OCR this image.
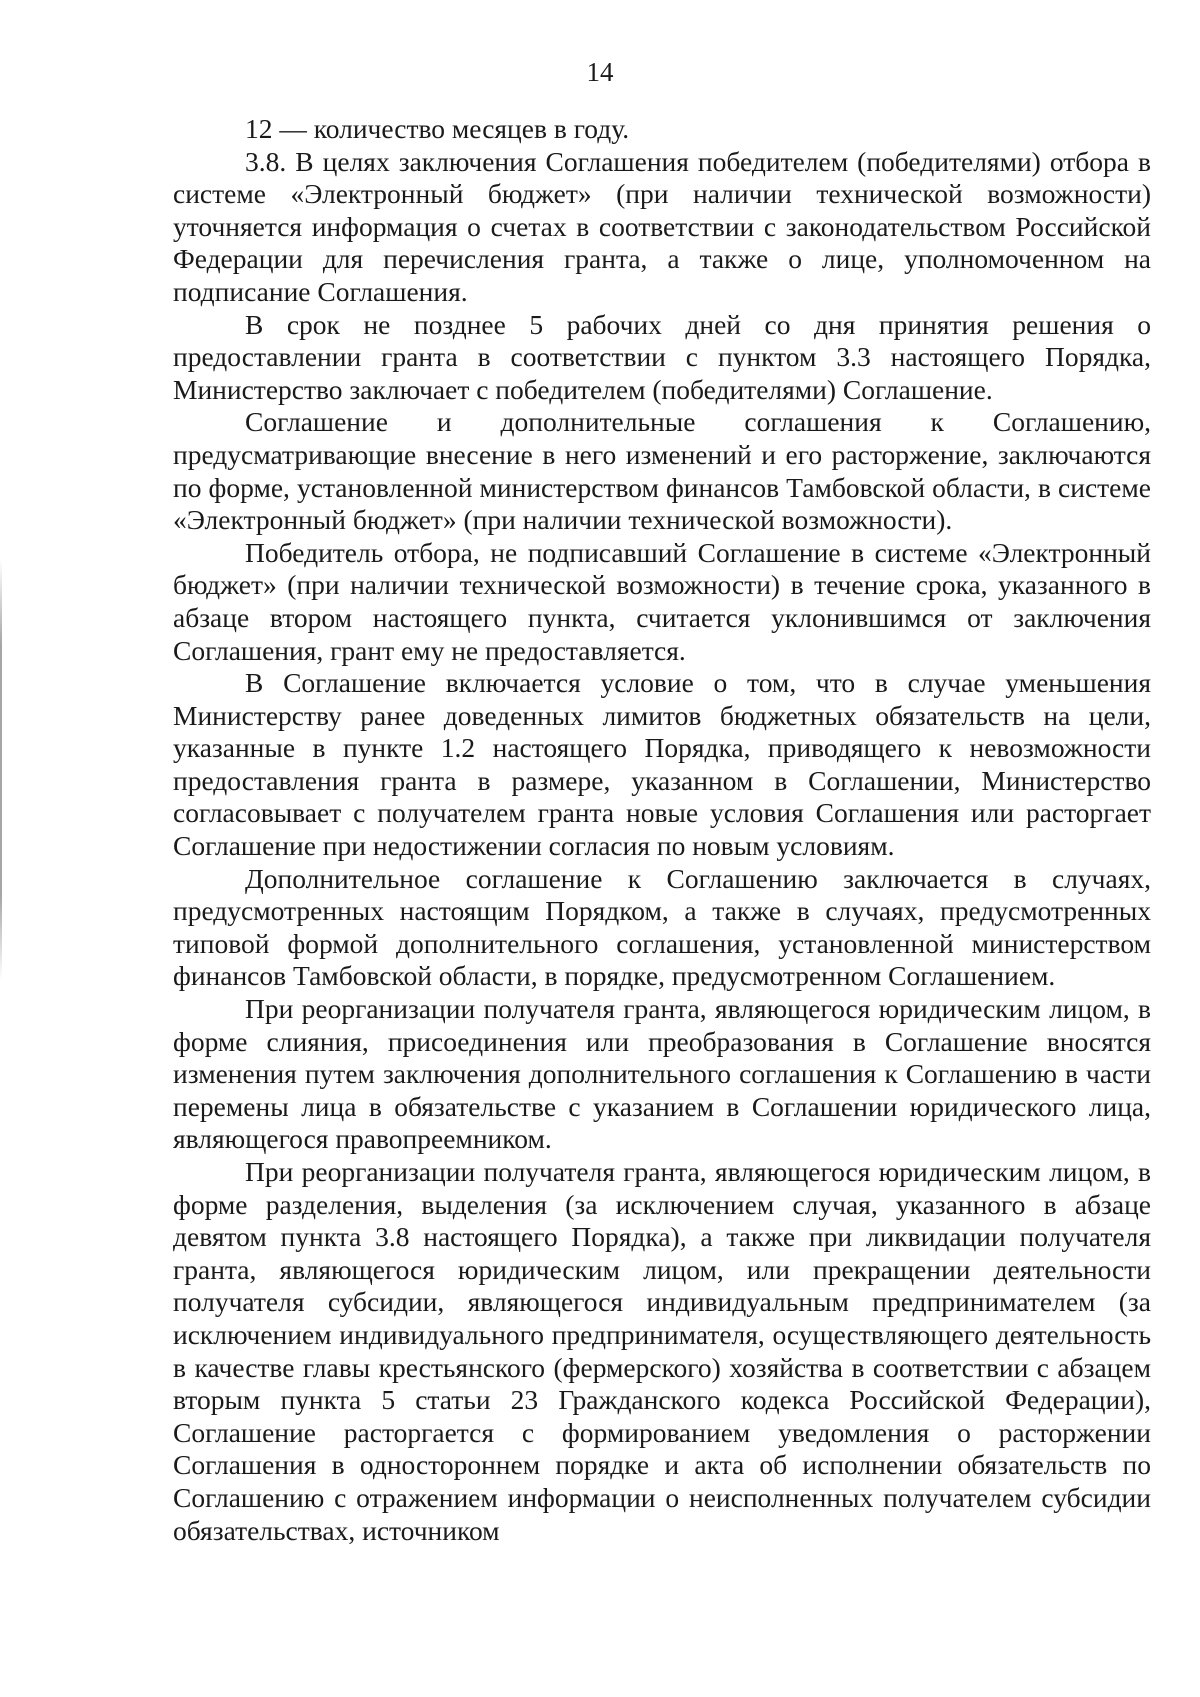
14

12 — количество месяцев в году.

3.8. В целях заключения Соглашения победителем (победителями) отбора в системе «Электронный бюджет» (при наличии технической возможности) уточняется информация о счетах в соответствии с законодательством Российской Федерации для перечисления гранта, а также о лице, уполномоченном на подписание Соглашения.

В срок не позднее 5 рабочих дней со дня принятия решения о предоставлении гранта в соответствии с пунктом 3.3 настоящего Порядка, Министерство заключает с победителем (победителями) Соглашение.

Соглашение и дополнительные соглашения к Соглашению, предусматривающие внесение в него изменений и его расторжение, заключаются по форме, установленной министерством финансов Тамбовской области, в системе «Электронный бюджет» (при наличии технической возможности).

Победитель отбора, не подписавший Соглашение в системе «Электронный бюджет» (при наличии технической возможности) в течение срока, указанного в абзаце втором настоящего пункта, считается уклонившимся от заключения Соглашения, грант ему не предоставляется.

В Соглашение включается условие о том, что в случае уменьшения Министерству ранее доведенных лимитов бюджетных обязательств на цели, указанные в пункте 1.2 настоящего Порядка, приводящего к невозможности предоставления гранта в размере, указанном в Соглашении, Министерство согласовывает с получателем гранта новые условия Соглашения или расторгает Соглашение при недостижении согласия по новым условиям.

Дополнительное соглашение к Соглашению заключается в случаях, предусмотренных настоящим Порядком, а также в случаях, предусмотренных типовой формой дополнительного соглашения, установленной министерством финансов Тамбовской области, в порядке, предусмотренном Соглашением.

При реорганизации получателя гранта, являющегося юридическим лицом, в форме слияния, присоединения или преобразования в Соглашение вносятся изменения путем заключения дополнительного соглашения к Соглашению в части перемены лица в обязательстве с указанием в Соглашении юридического лица, являющегося правопреемником.

При реорганизации получателя гранта, являющегося юридическим лицом, в форме разделения, выделения (за исключением случая, указанного в абзаце девятом пункта 3.8 настоящего Порядка), а также при ликвидации получателя гранта, являющегося юридическим лицом, или прекращении деятельности получателя субсидии, являющегося индивидуальным предпринимателем (за исключением индивидуального предпринимателя, осуществляющего деятельность в качестве главы крестьянского (фермерского) хозяйства в соответствии с абзацем вторым пункта 5 статьи 23 Гражданского кодекса Российской Федерации), Соглашение расторгается с формированием уведомления о расторжении Соглашения в одностороннем порядке и акта об исполнении обязательств по Соглашению с отражением информации о неисполненных получателем субсидии обязательствах, источником
